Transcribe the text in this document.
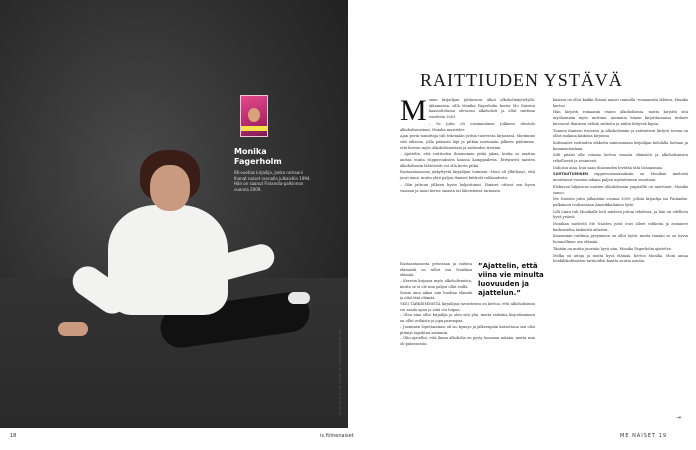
Monika Fagerholm
66-vuotias kirjailija, jonka romaani Ihanat naiset rannalla julkaistiin 1994. Hän on saanut Finlandia-palkinnon vuonna 2009.
Kuvat Kirsi Tuura, meikki ja hiukset Saara Nyman
18	is.fi/menaiset
RAITTIUDEN YSTÄVÄ
M onen kirjailijan juhlavuosi alkoi alkoholinäyttelyllä. Aikamoista, sillä Monika Fagerholm kertoi Me Naisten haastattelussa olevansa alkoholisti ja ollut raittiina vuodesta 2003.

– Se jutta oli ensimmäinen julkinen ulostulo alkoholismistani, Monika muistelee.

Ajan perin toimittaja tuli tekemään juttua tuoreesta kirjastani. Mietimme sitä aiheena, jolla pääsisin läpi ja pitkän mietinnän jälkeen päätimme, että kerron myös alkoholismistani ja raittiuden tiestäni.

– Ajattelin, että raittiuden ilosanoman pitää jakaa, koska se saattaa auttaa muita riippuvuuksien kanssa kamppailevia. Erityisesti naisten alkoholismin lähtöreitti voi olla kovin pitkä.

Rastaantamossa järkyttyvät kirjailijan toiminta. Moni oli yllättynyt, että juuri minä, mutta yhtä paljon ihmiset kiittivät rohkeudesta.

– Olin juttuun jälkeen hyvin helpottunut. Ihmiset ottivat sen hyvin vastaan ja moni kertoi omasta tai läheistensä tarinasta.

Rastaantamosta petostaan ja raitista elämästä on tullut osa Monikan elämää.

– Kerroin kirjassa myös alkoholismista, mutta se ei ole niin paljon ollut esillä.

Saisin aina aikaa niin huoltaa elämää ja elää tätä elämää.

”Ajattelin, että viina vie minulta luovuuden ja ajattelun.”

YKSI TÄRKEIMMISTÄ kirjailijan tavoitteista on kertoa, että alkoholismiin voi saada apua ja siitä voi toipua.

– Olen aina ollut kirjailija ja olen sitä yhä, mutta raittiina kirjoittaminen on ollut erilaista ja jopa parempaa.

– Juominen lopettaminen oli iso kynnys ja jälkeenpäin katsottuna sen olisi pitänyt tapahtua aiemmin.

– Olin ajatellut, että ilman alkoholia en pysty luomaan mitään, mutta asia oli päinvastoin.

käsissä on ollut kaikki Ihanat naiset rannalla -romaanista lähtien, Monika kertoo.

Hän kirjoitti romaanin ennen alkoholismia, mutta kirjoitti sitä myöhemmin myös raittiina. Aiemmin hänen kirjoittamansa teokset kuvaavat ihmisten välisiä suhteita ja niihin liittyvää kipua.

Tunnen ihmisen itseensä ja alkoholismiin ja raittiuteen liittyvä teema on ollut mukana kaikissa kirjoissa.

Kotimaiset raittiuden eläkettä nimenomaan kirjailijan kohdalla luetaan ja kommentoidaan.

Silti pitäisi olla voimaa kertoa omasta elämästä ja alkoholismista rehellisesti ja avoimesti.

Daliolon aina, kun saan tilaisuuden levittää tätä ilosanomaa.

SUHTAUTUMINEN riippuvuussairauksiin on Monikan mielestä muuttunut vuosien aikana paljon myönteiseen suuntaan.

Elokuvan hiljaisuus naisten alkoholismin ympärillä on murtunut, Monika sanoo.

Me Naisten juttu julkaistiin vuonna 2009, jolloin kirjailija sai Finlandia-palkinnon teoksestaan Amerikkalainen tyttö.

Lilli Lintu tuli Monikalle heti mieleen juttua tehdessä, ja hän on edelleen hyvä ystävä.

Monikan mielestä Me Naisten jutut ovat olleet rohkeita ja avanneet keskustelua tärkeistä aiheista.

Kauemmin raittiina pysyminen on ollut työtä, mutta tänään se on hyvin luonnollinen osa elämää.

Tänään on mutta juurinta hyvä niin, Monika Fagerholm ajattelee.

Melka on aitoja ja mutta hyvä elämää, kertoo Monika. Moni antaa henkilökohtaisten tarinoiden kautta suuria asioita.

→
ME NAISET 19
